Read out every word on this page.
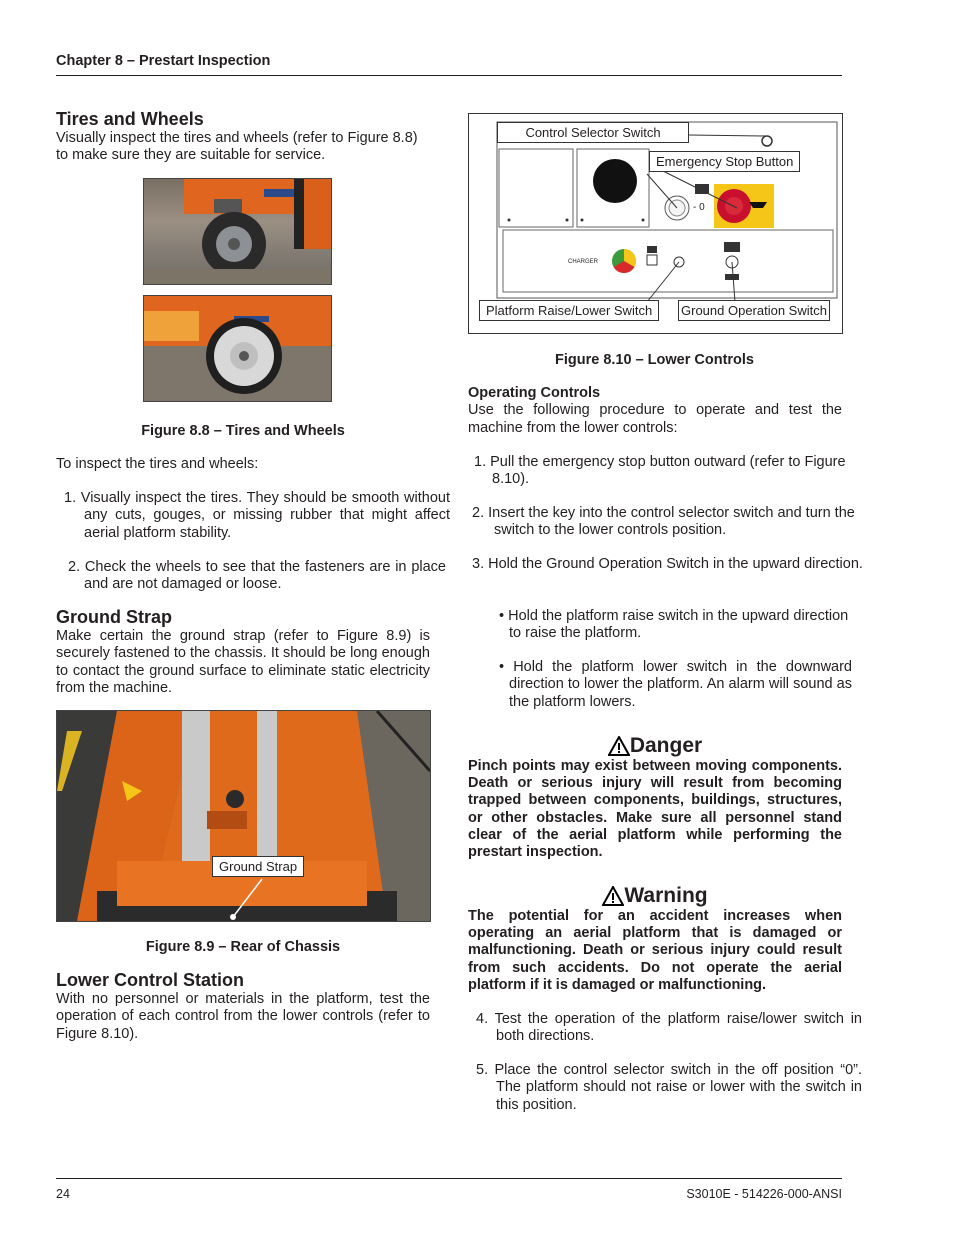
Chapter 8 – Prestart Inspection
Tires and Wheels

Visually inspect the tires and wheels (refer to Figure 8.8) to make sure they are suitable for service.

Figure 8.8 – Tires and Wheels
To inspect the tires and wheels:
1. Visually inspect the tires. They should be smooth without any cuts, gouges, or missing rubber that might affect aerial platform stability.
2. Check the wheels to see that the fasteners are in place and are not damaged or loose.
Ground Strap

Make certain the ground strap (refer to Figure 8.9) is securely fastened to the chassis. It should be long enough to contact the ground surface to eliminate static electricity from the machine.

Ground Strap
Figure 8.9 – Rear of Chassis
Lower Control Station

With no personnel or materials in the platform, test the operation of each control from the lower controls (refer to Figure 8.10).

CHARGER
- 0
Control Selector Switch
Emergency Stop Button
Platform Raise/Lower Switch	Ground Operation Switch
Figure 8.10 – Lower Controls
Operating Controls

Use the following procedure to operate and test the machine from the lower controls:

1. Pull the emergency stop button outward (refer to Figure 8.10).
2. Insert the key into the control selector switch and turn the switch to the lower controls position.
3. Hold the Ground Operation Switch in the upward direction.
• Hold the platform raise switch in the upward direction to raise the platform.
• Hold the platform lower switch in the downward direction to lower the platform. An alarm will sound as the platform lowers.
Danger

Pinch points may exist between moving components. Death or serious injury will result from becoming trapped between components, buildings, structures, or other obstacles. Make sure all personnel stand clear of the aerial platform while performing the prestart inspection.

Warning

The potential for an accident increases when operating an aerial platform that is damaged or malfunctioning. Death or serious injury could result from such accidents. Do not operate the aerial platform if it is damaged or malfunctioning.

4. Test the operation of the platform raise/lower switch in both directions.
5. Place the control selector switch in the off position “0”. The platform should not raise or lower with the switch in this position.
24	S3010E - 514226-000-ANSI
